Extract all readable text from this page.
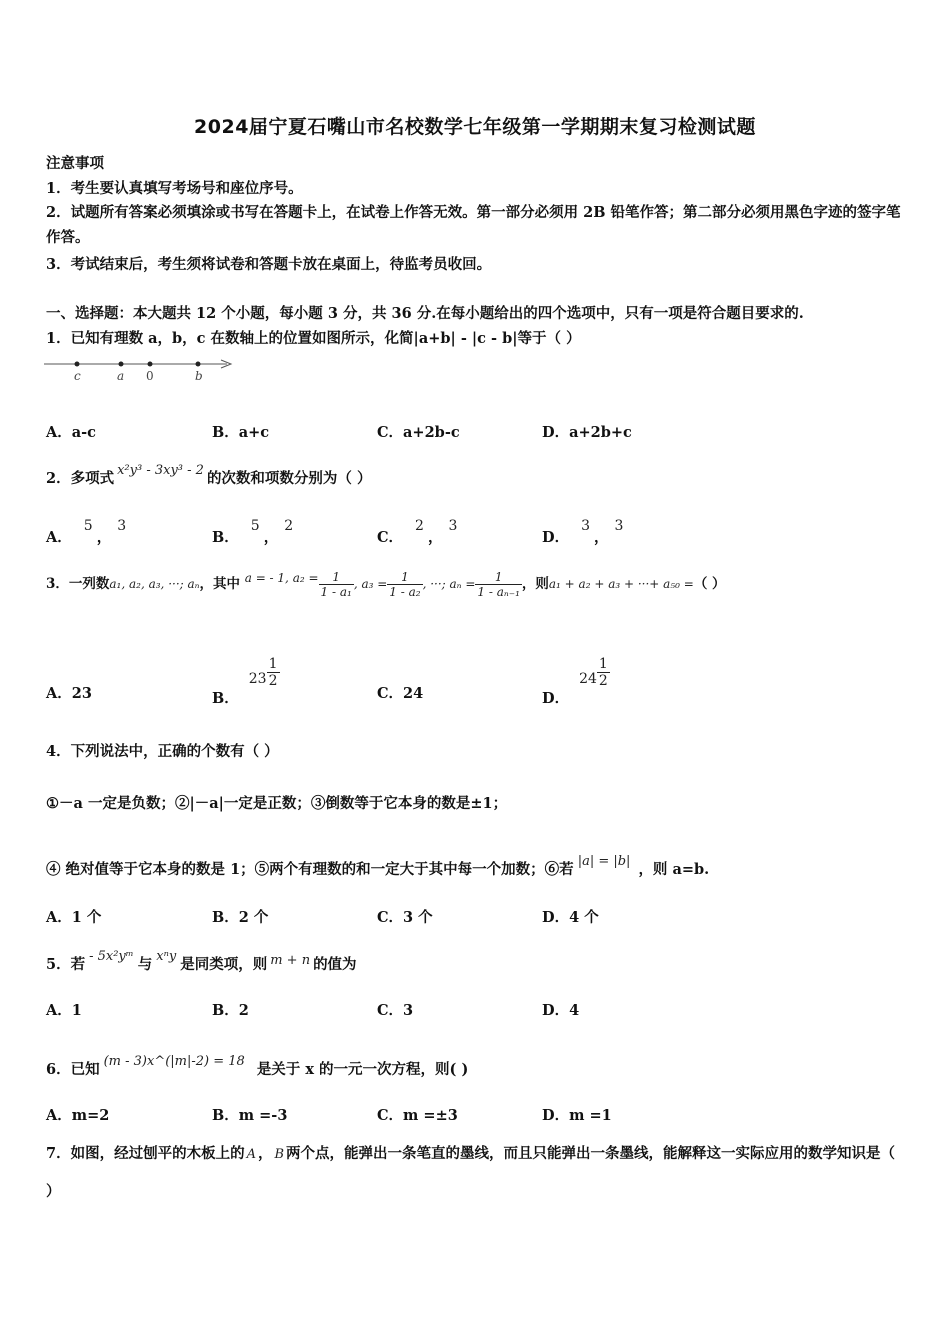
2024届宁夏石嘴山市名校数学七年级第一学期期末复习检测试题
注意事项
1．考生要认真填写考场号和座位序号。
2．试题所有答案必须填涂或书写在答题卡上，在试卷上作答无效。第一部分必须用 2B 铅笔作答；第二部分必须用黑色字迹的签字笔作答。
3．考试结束后，考生须将试卷和答题卡放在桌面上，待监考员收回。
一、选择题：本大题共 12 个小题，每小题 3 分，共 36 分.在每小题给出的四个选项中，只有一项是符合题目要求的.
1．已知有理数 a，b，c 在数轴上的位置如图所示，化简|a+b| - |c - b|等于（ ）
c	a 0	b
A．a-c	B．a+c	C．a+2b-c	D．a+2b+c
2．多项式 x²y³ - 3xy³ - 2 的次数和项数分别为（ ）
A．5，3
B．5，2
C．2，3
D．3，3
3．一列数a₁, a₂, a₃, ···; aₙ，其中 a = - 1, $a_2 = \frac{1}{\text{1 - a₁}}$ , $a_3 = \frac{1}{\text{1 - a₂}}$ , ···; $a_n = \frac{1}{\text{1 - aₙ₋₁}}$ ，则a₁ + a₂ + a₃ + ···+ a₅₀ =（ ）
A．23	B．$23 \frac{1}{2}$
C．24	D．$24 \frac{1}{2}$
4．下列说法中，正确的个数有（ ）
①－a 一定是负数；②|－a|一定是正数；③倒数等于它本身的数是±1；
④ 绝对值等于它本身的数是 1；⑤两个有理数的和一定大于其中每一个加数；⑥若 |a| = |b| ，则 a=b.
A．1 个	B．2 个	C．3 个	D．4 个
5．若 - 5x²yᵐ 与 xⁿy 是同类项，则 m + n 的值为
A．1	B．2	C．3	D．4
6．已知 (m - 3)x^(|m|-2) = 18 是关于 x 的一元一次方程，则( )
A．m=2	B．m =-3	C．m =±3	D．m =1
7．如图，经过刨平的木板上的 A ， B 两个点，能弹出一条笔直的墨线，而且只能弹出一条墨线，能解释这一实际应用的数学知识是（ ）
